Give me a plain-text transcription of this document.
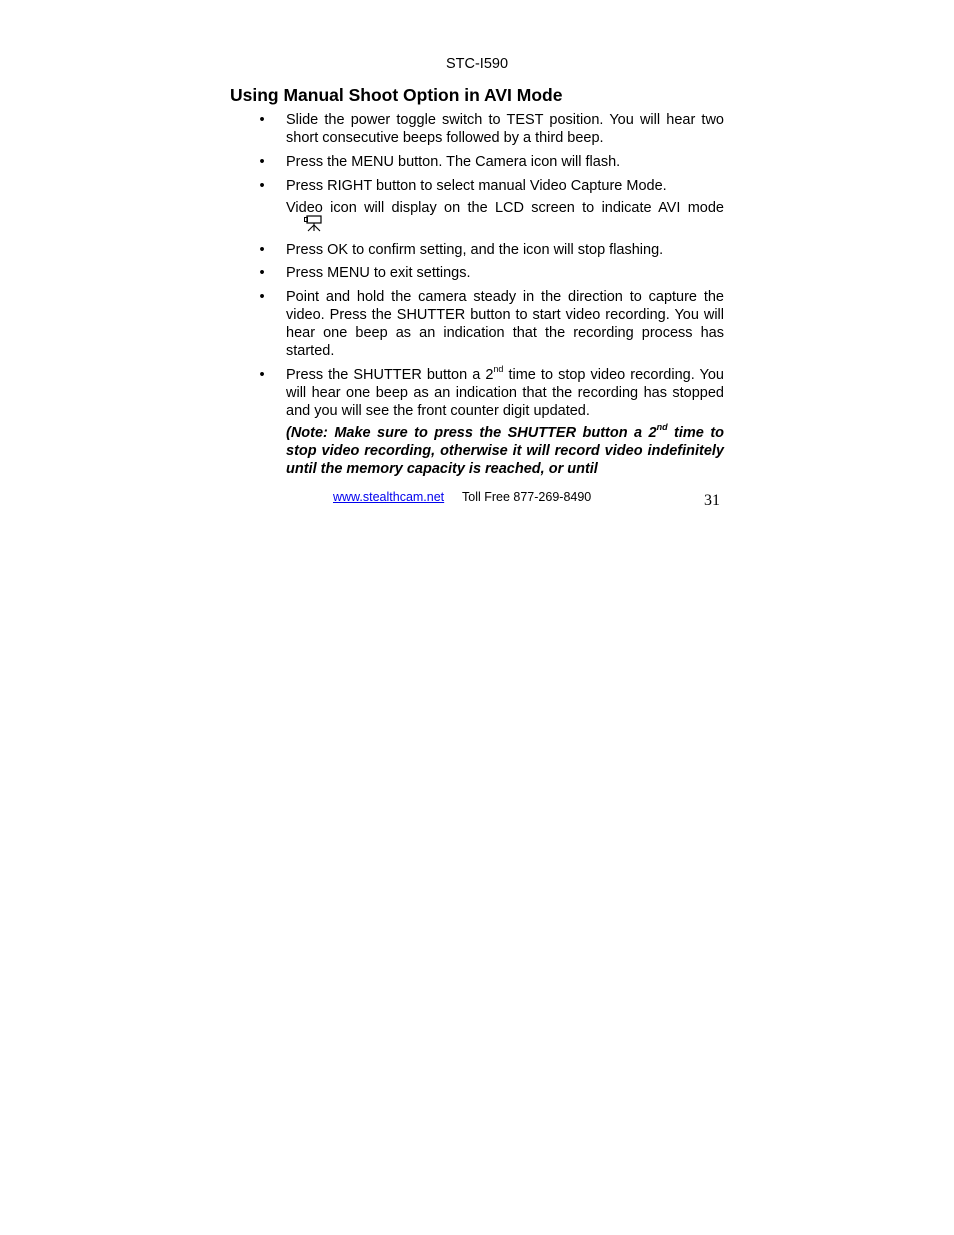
STC-I590
Using Manual Shoot Option in AVI Mode
• Slide the power toggle switch to TEST position. You will hear two short consecutive beeps followed by a third beep.
• Press the MENU button. The Camera icon will flash.
• Press RIGHT button to select manual Video Capture Mode.
• Press OK to confirm setting, and the icon will stop flashing.
• Press MENU to exit settings.
• Point and hold the camera steady in the direction to capture the video. Press the SHUTTER button to start video recording. You will hear one beep as an indication that the recording process has started.
• Press the SHUTTER button a 2nd time to stop video recording. You will hear one beep as an indication that the recording has stopped and you will see the front counter digit updated.
Video icon will display on the LCD screen to indicate AVI mode
(Note: Make sure to press the SHUTTER button a 2nd time to stop video recording, otherwise it will record video indefinitely until the memory capacity is reached, or until
www.stealthcam.net Toll Free 877-269-8490	31
